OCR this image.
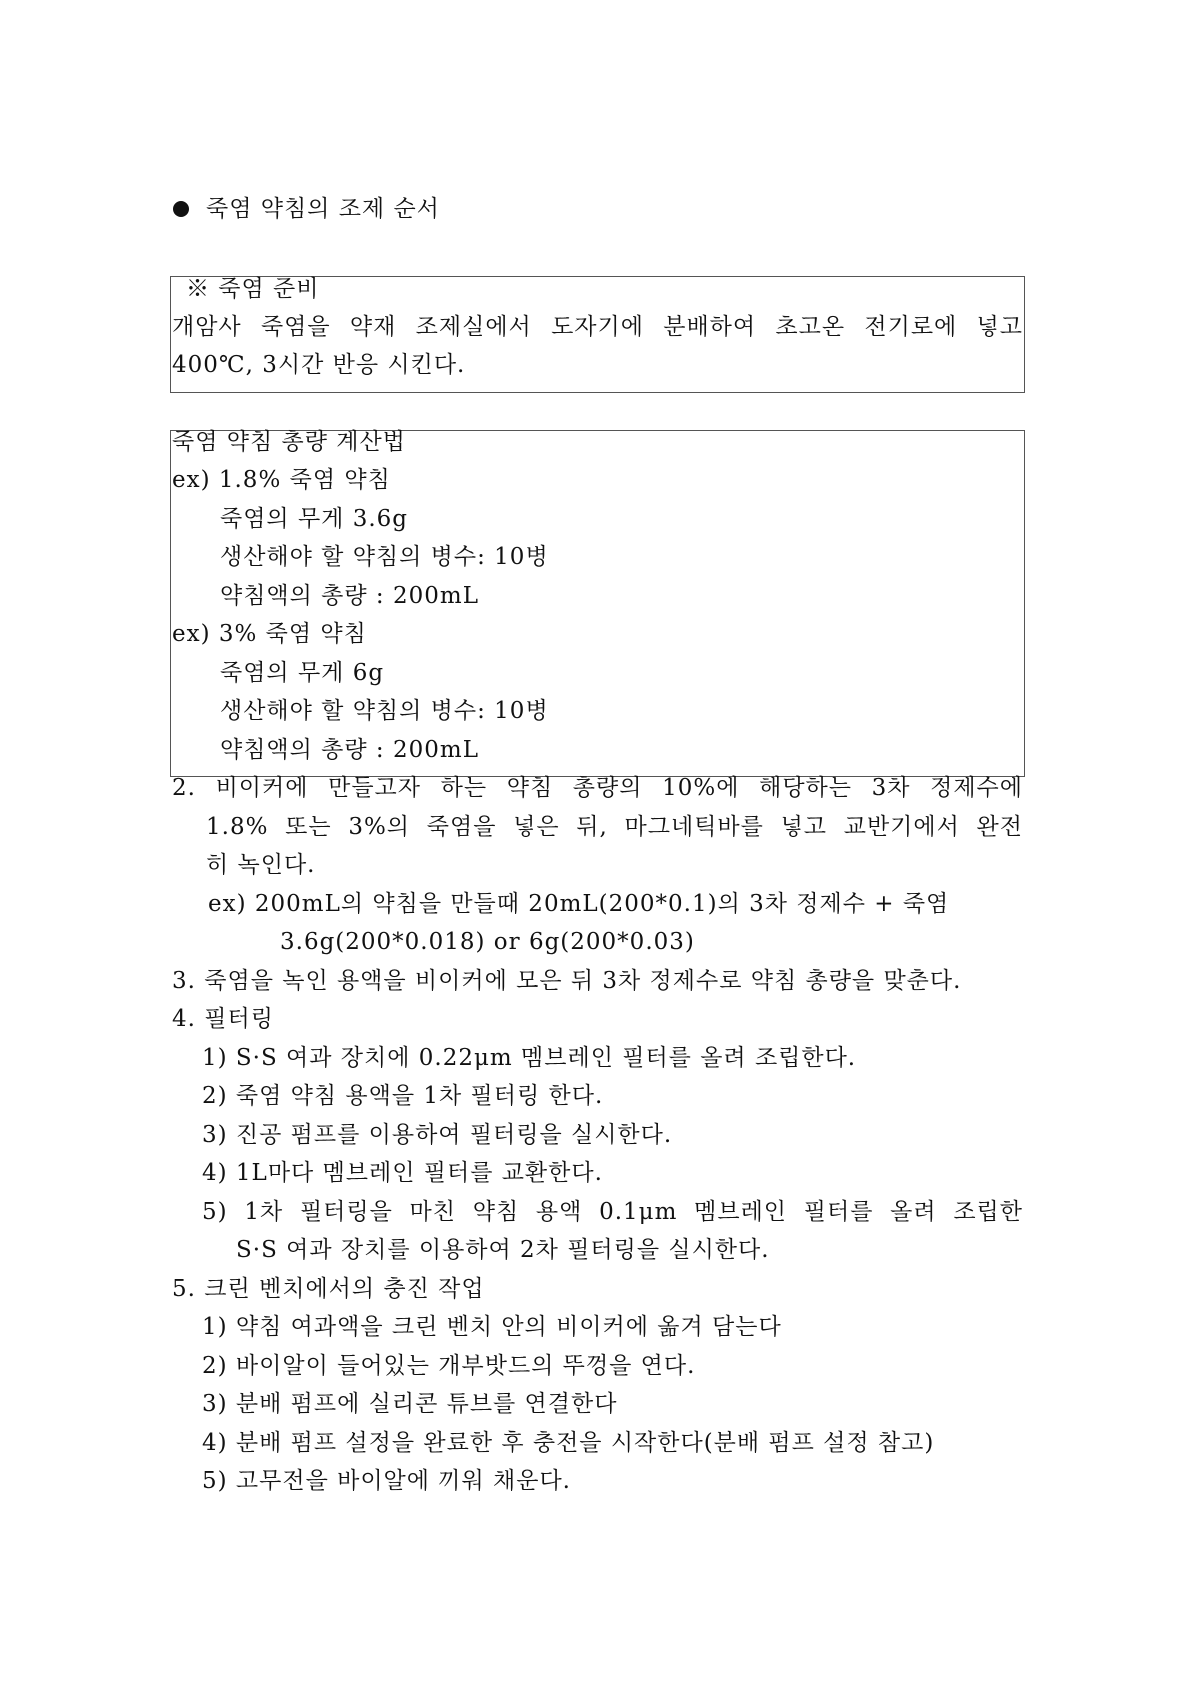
죽염 약침의 조제 순서
※ 죽염 준비
개암사 죽염을 약재 조제실에서 도자기에 분배하여 초고온 전기로에 넣고
400℃, 3시간 반응 시킨다.
죽염 약침 총량 계산법
ex) 1.8% 죽염 약침
죽염의 무게 3.6g
생산해야 할 약침의 병수: 10병
약침액의 총량 : 200mL
ex) 3% 죽염 약침
죽염의 무게 6g
생산해야 할 약침의 병수: 10병
약침액의 총량 : 200mL
2. 비이커에 만들고자 하는 약침 총량의 10%에 해당하는 3차 정제수에
1.8% 또는 3%의 죽염을 넣은 뒤, 마그네틱바를 넣고 교반기에서 완전
히 녹인다.
ex) 200mL의 약침을 만들때 20mL(200*0.1)의 3차 정제수 + 죽염
3.6g(200*0.018) or 6g(200*0.03)
3. 죽염을 녹인 용액을 비이커에 모은 뒤 3차 정제수로 약침 총량을 맞춘다.
4. 필터링
1) S·S 여과 장치에 0.22μm 멤브레인 필터를 올려 조립한다.
2) 죽염 약침 용액을 1차 필터링 한다.
3) 진공 펌프를 이용하여 필터링을 실시한다.
4) 1L마다 멤브레인 필터를 교환한다.
5) 1차 필터링을 마친 약침 용액 0.1μm 멤브레인 필터를 올려 조립한
S·S 여과 장치를 이용하여 2차 필터링을 실시한다.
5. 크린 벤치에서의 충진 작업
1) 약침 여과액을 크린 벤치 안의 비이커에 옮겨 담는다
2) 바이알이 들어있는 개부밧드의 뚜껑을 연다.
3) 분배 펌프에 실리콘 튜브를 연결한다
4) 분배 펌프 설정을 완료한 후 충전을 시작한다(분배 펌프 설정 참고)
5) 고무전을 바이알에 끼워 채운다.
